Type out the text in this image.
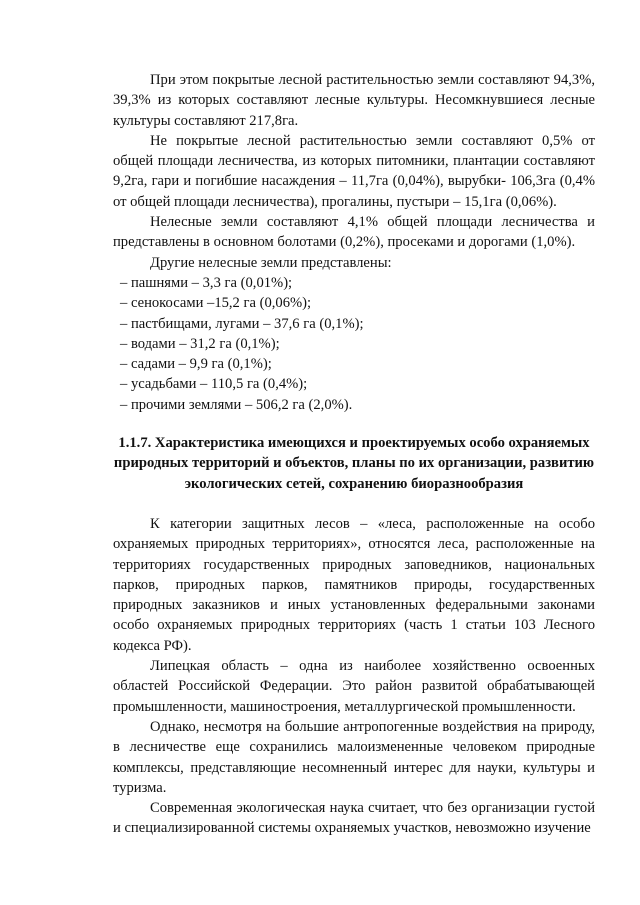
При этом покрытые лесной растительностью земли составляют 94,3%, 39,3% из которых составляют лесные культуры. Несомкнувшиеся лесные культуры составляют 217,8га.

Не покрытые лесной растительностью земли составляют 0,5% от общей площади лесничества, из которых питомники, плантации составляют 9,2га, гари и погибшие насаждения – 11,7га (0,04%), вырубки- 106,3га (0,4% от общей площади лесничества), прогалины, пустыри – 15,1га (0,06%).

Нелесные земли составляют 4,1% общей площади лесничества и представлены в основном болотами (0,2%), просеками и дорогами (1,0%).

Другие нелесные земли представлены:

– пашнями – 3,3 га (0,01%);
– сенокосами –15,2 га (0,06%);
– пастбищами, лугами – 37,6 га (0,1%);
– водами – 31,2 га (0,1%);
– садами – 9,9 га (0,1%);
– усадьбами – 110,5 га (0,4%);
– прочими землями – 506,2 га (2,0%).
1.1.7. Характеристика имеющихся и проектируемых особо охраняемых природных территорий и объектов, планы по их организации, развитию экологических сетей, сохранению биоразнообразия

К категории защитных лесов – «леса, расположенные на особо охраняемых природных территориях», относятся леса, расположенные на территориях государственных природных заповедников, национальных парков, природных парков, памятников природы, государственных природных заказников и иных установленных федеральными законами особо охраняемых природных территориях (часть 1 статьи 103 Лесного кодекса РФ).

Липецкая область – одна из наиболее хозяйственно освоенных областей Российской Федерации. Это район развитой обрабатывающей промышленности, машиностроения, металлургической промышленности.

Однако, несмотря на большие антропогенные воздействия на природу, в лесничестве еще сохранились малоизмененные человеком природные комплексы, представляющие несомненный интерес для науки, культуры и туризма.

Современная экологическая наука считает, что без организации густой и специализированной системы охраняемых участков, невозможно изучение
